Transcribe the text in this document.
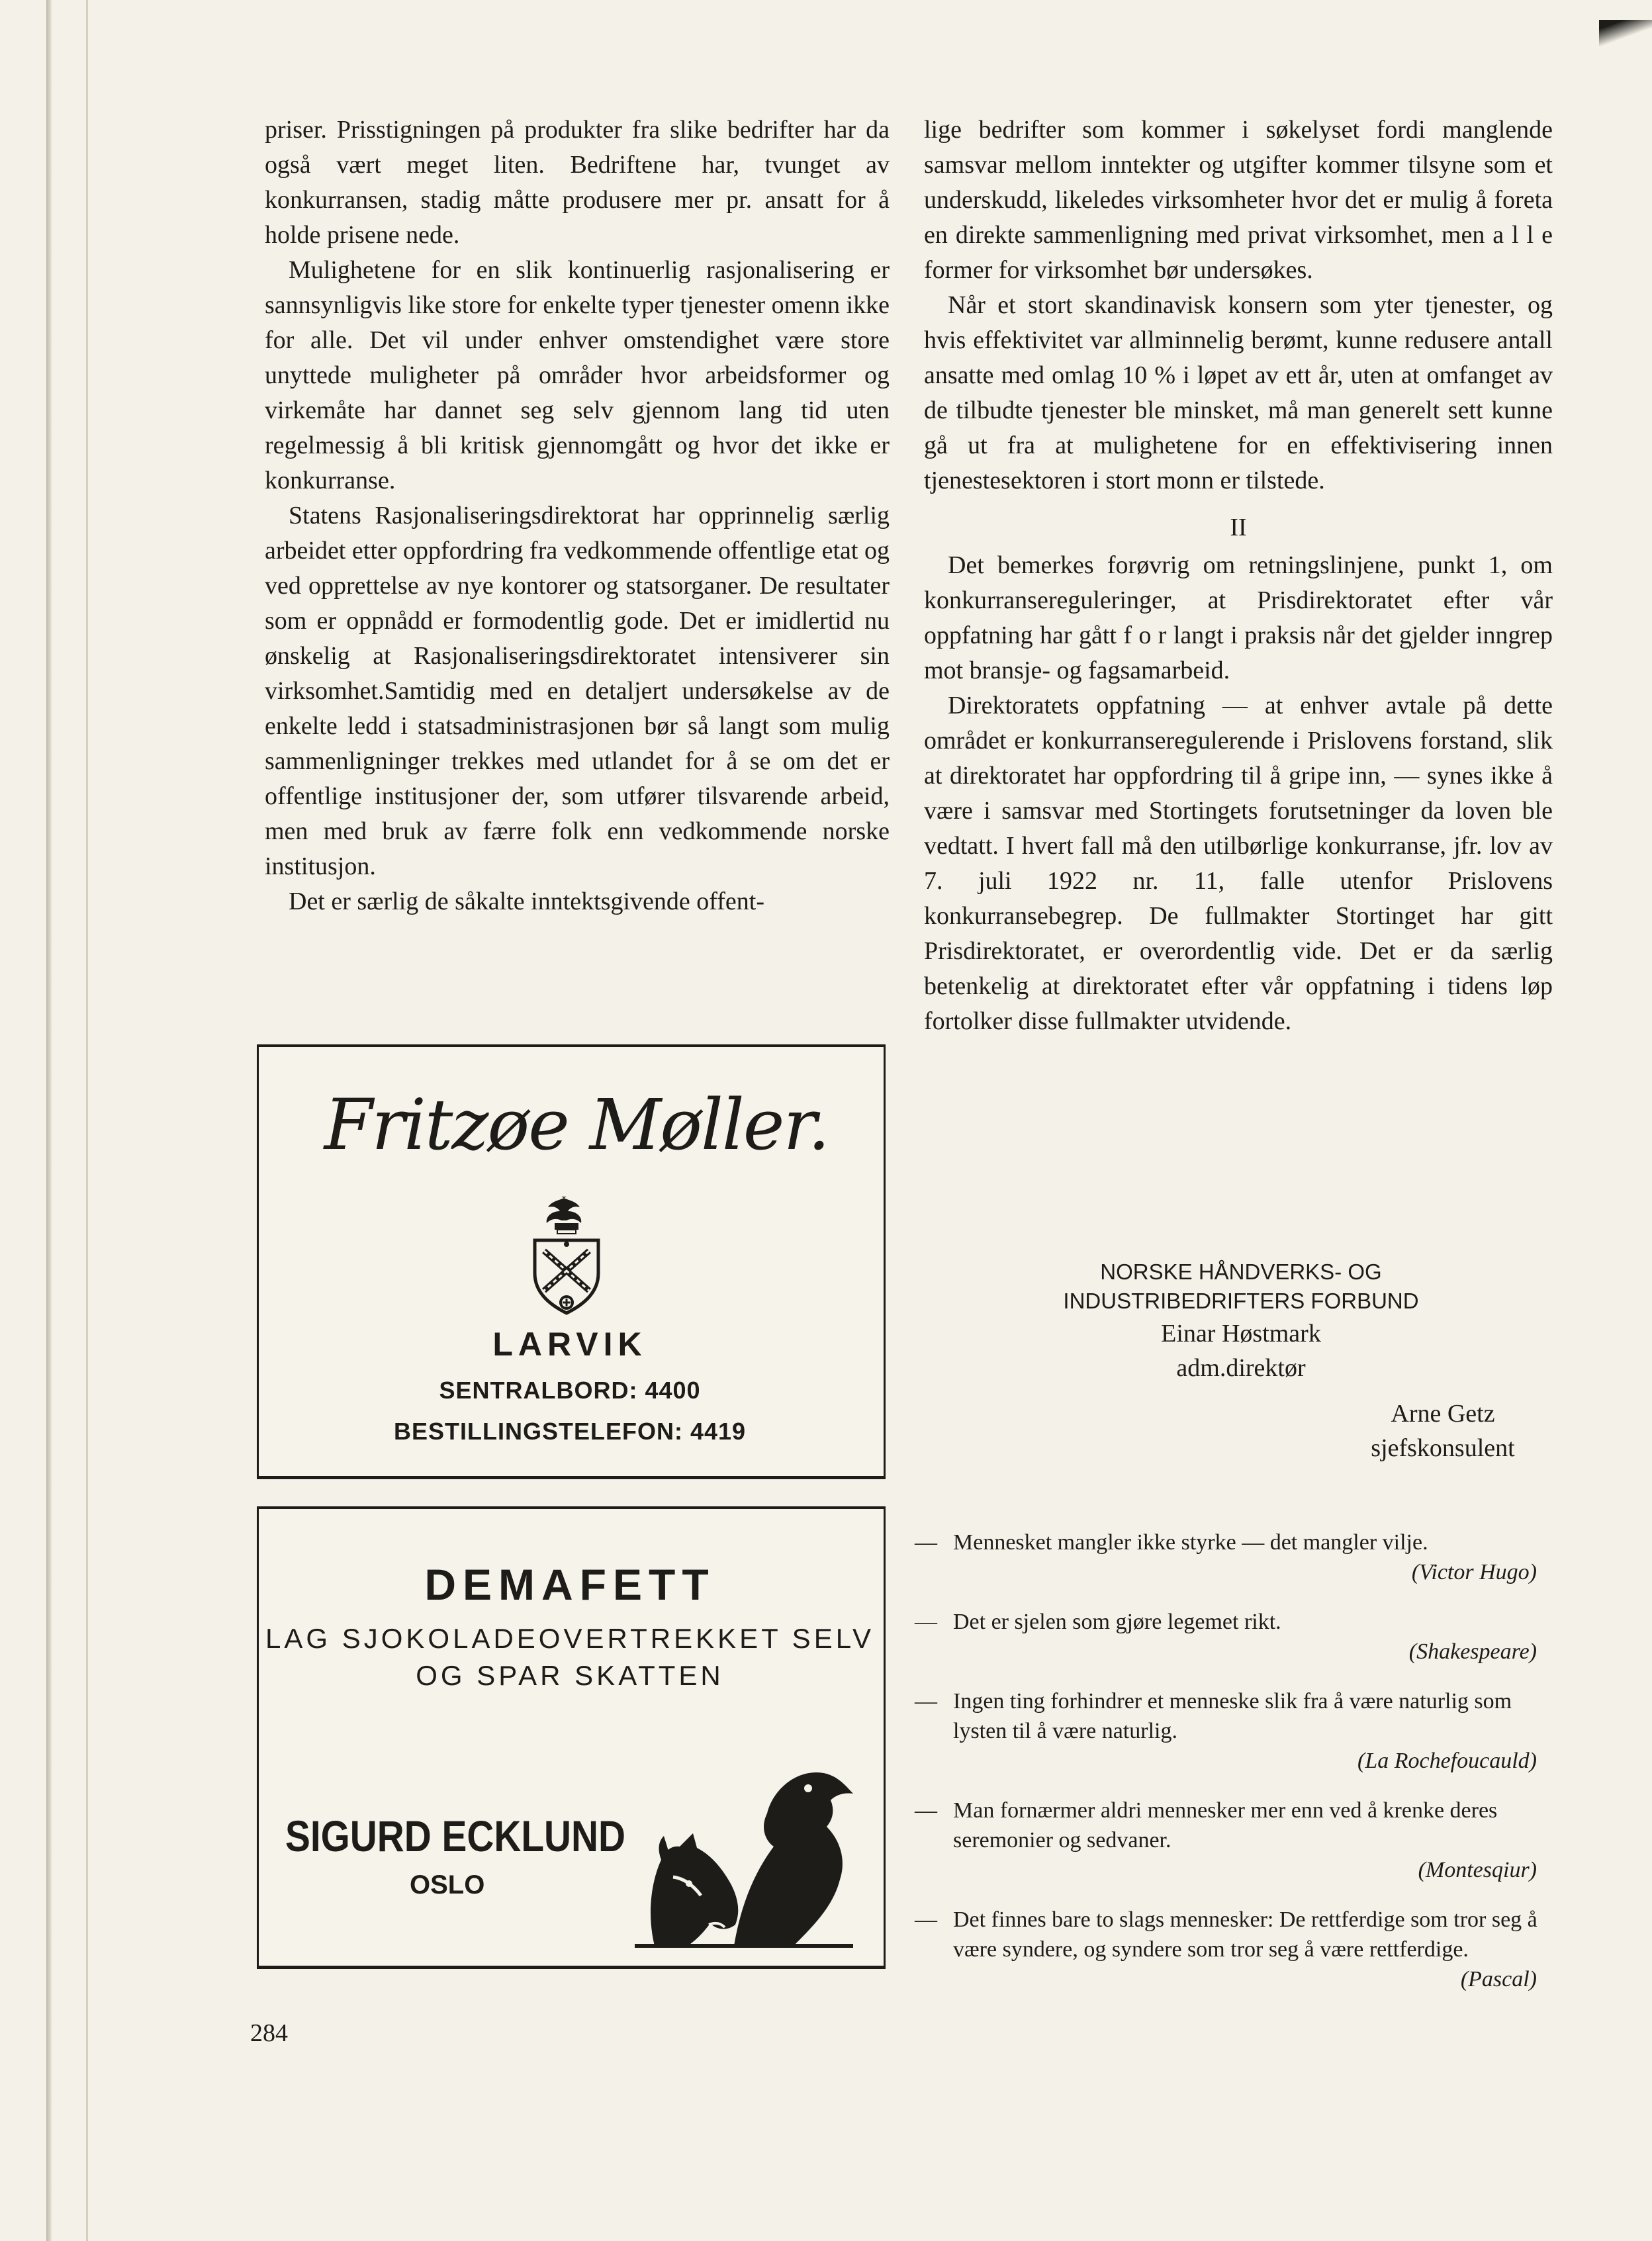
priser. Prisstigningen på produkter fra slike bedrifter har da også vært meget liten. Bedriftene har, tvunget av konkurransen, stadig måtte produsere mer pr. ansatt for å holde prisene nede.

Mulighetene for en slik kontinuerlig rasjonalisering er sannsynligvis like store for enkelte typer tjenester omenn ikke for alle. Det vil under enhver omstendighet være store unyttede muligheter på områder hvor arbeidsformer og virkemåte har dannet seg selv gjennom lang tid uten regelmessig å bli kritisk gjennomgått og hvor det ikke er konkurranse.

Statens Rasjonaliseringsdirektorat har opprinnelig særlig arbeidet etter oppfordring fra vedkommende offentlige etat og ved opprettelse av nye kontorer og statsorganer. De resultater som er oppnådd er formodentlig gode. Det er imidlertid nu ønskelig at Rasjonaliseringsdirektoratet intensiverer sin virksomhet.Samtidig med en detaljert undersøkelse av de enkelte ledd i statsadministrasjonen bør så langt som mulig sammenligninger trekkes med utlandet for å se om det er offentlige institusjoner der, som utfører tilsvarende arbeid, men med bruk av færre folk enn vedkommende norske institusjon.

Det er særlig de såkalte inntektsgivende offent-

Fritzøe Møller.
LARVIK
SENTRALBORD: 4400
BESTILLINGSTELEFON: 4419
DEMAFETT
LAG SJOKOLADEOVERTREKKET SELV
OG SPAR SKATTEN
SIGURD ECKLUND
OSLO

lige bedrifter som kommer i søkelyset fordi manglende samsvar mellom inntekter og utgifter kommer tilsyne som et underskudd, likeledes virksomheter hvor det er mulig å foreta en direkte sammenligning med privat virksomhet, men a l l e former for virksomhet bør undersøkes.

Når et stort skandinavisk konsern som yter tjenester, og hvis effektivitet var allminnelig berømt, kunne redusere antall ansatte med omlag 10 % i løpet av ett år, uten at omfanget av de tilbudte tjenester ble minsket, må man generelt sett kunne gå ut fra at mulighetene for en effektivisering innen tjenestesektoren i stort monn er tilstede.

II

Det bemerkes forøvrig om retningslinjene, punkt 1, om konkurransereguleringer, at Prisdirektoratet efter vår oppfatning har gått f o r langt i praksis når det gjelder inngrep mot bransje- og fagsamarbeid.

Direktoratets oppfatning — at enhver avtale på dette området er konkurranseregulerende i Prislovens forstand, slik at direktoratet har oppfordring til å gripe inn, — synes ikke å være i samsvar med Stortingets forutsetninger da loven ble vedtatt. I hvert fall må den utilbørlige konkurranse, jfr. lov av 7. juli 1922 nr. 11, falle utenfor Prislovens konkurransebegrep. De fullmakter Stortinget har gitt Prisdirektoratet, er overordentlig vide. Det er da særlig betenkelig at direktoratet efter vår oppfatning i tidens løp fortolker disse fullmakter utvidende.

NORSKE HÅNDVERKS- OG
INDUSTRIBEDRIFTERS FORBUND
Einar Høstmark
adm.direktør
Arne Getz
sjefskonsulent
— Mennesket mangler ikke styrke — det mangler vilje.
(Victor Hugo)
— Det er sjelen som gjøre legemet rikt.
(Shakespeare)
— Ingen ting forhindrer et menneske slik fra å være naturlig som lysten til å være naturlig.
(La Rochefoucauld)
— Man fornærmer aldri mennesker mer enn ved å krenke deres seremonier og sedvaner.
(Montesqiur)
— Det finnes bare to slags mennesker: De rettferdige som tror seg å være syndere, og syndere som tror seg å være rettferdige.
(Pascal)
284
